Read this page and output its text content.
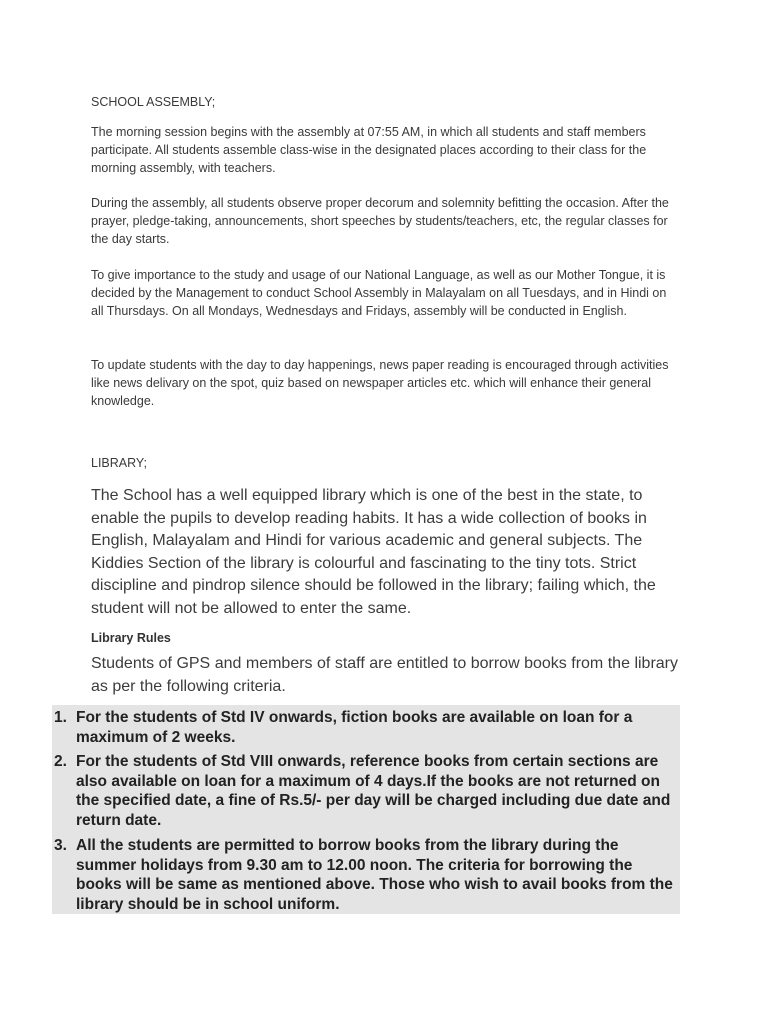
SCHOOL ASSEMBLY;

The morning session begins with the assembly at 07:55 AM, in which all students and staff members participate. All students assemble class-wise in the designated places according to their class for the morning assembly, with teachers.

During the assembly, all students observe proper decorum and solemnity befitting the occasion. After the prayer, pledge-taking, announcements, short speeches by students/teachers, etc, the regular classes for the day starts.

To give importance to the study and usage of our National Language, as well as our Mother Tongue, it is decided by the Management to conduct School Assembly in Malayalam on all Tuesdays, and in Hindi on all Thursdays. On all Mondays, Wednesdays and Fridays, assembly will be conducted in English.

To update students with the day to day happenings, news paper reading is encouraged through activities like news delivary on the spot, quiz based on newspaper articles etc. which will enhance their general knowledge.

LIBRARY;

The School has a well equipped library which is one of the best in the state, to enable the pupils to develop reading habits. It has a wide collection of books in English, Malayalam and Hindi for various academic and general subjects. The Kiddies Section of the library is colourful and fascinating to the tiny tots. Strict discipline and pindrop silence should be followed in the library; failing which, the student will not be allowed to enter the same.

Library Rules

Students of GPS and members of staff are entitled to borrow books from the library as per the following criteria.

1. For the students of Std IV onwards, fiction books are available on loan for a maximum of 2 weeks.
2. For the students of Std VIII onwards, reference books from certain sections are also available on loan for a maximum of 4 days.If the books are not returned on the specified date, a fine of Rs.5/- per day will be charged including due date and return date.
3. All the students are permitted to borrow books from the library during the summer holidays from 9.30 am to 12.00 noon. The criteria for borrowing the books will be same as mentioned above. Those who wish to avail books from the library should be in school uniform.
